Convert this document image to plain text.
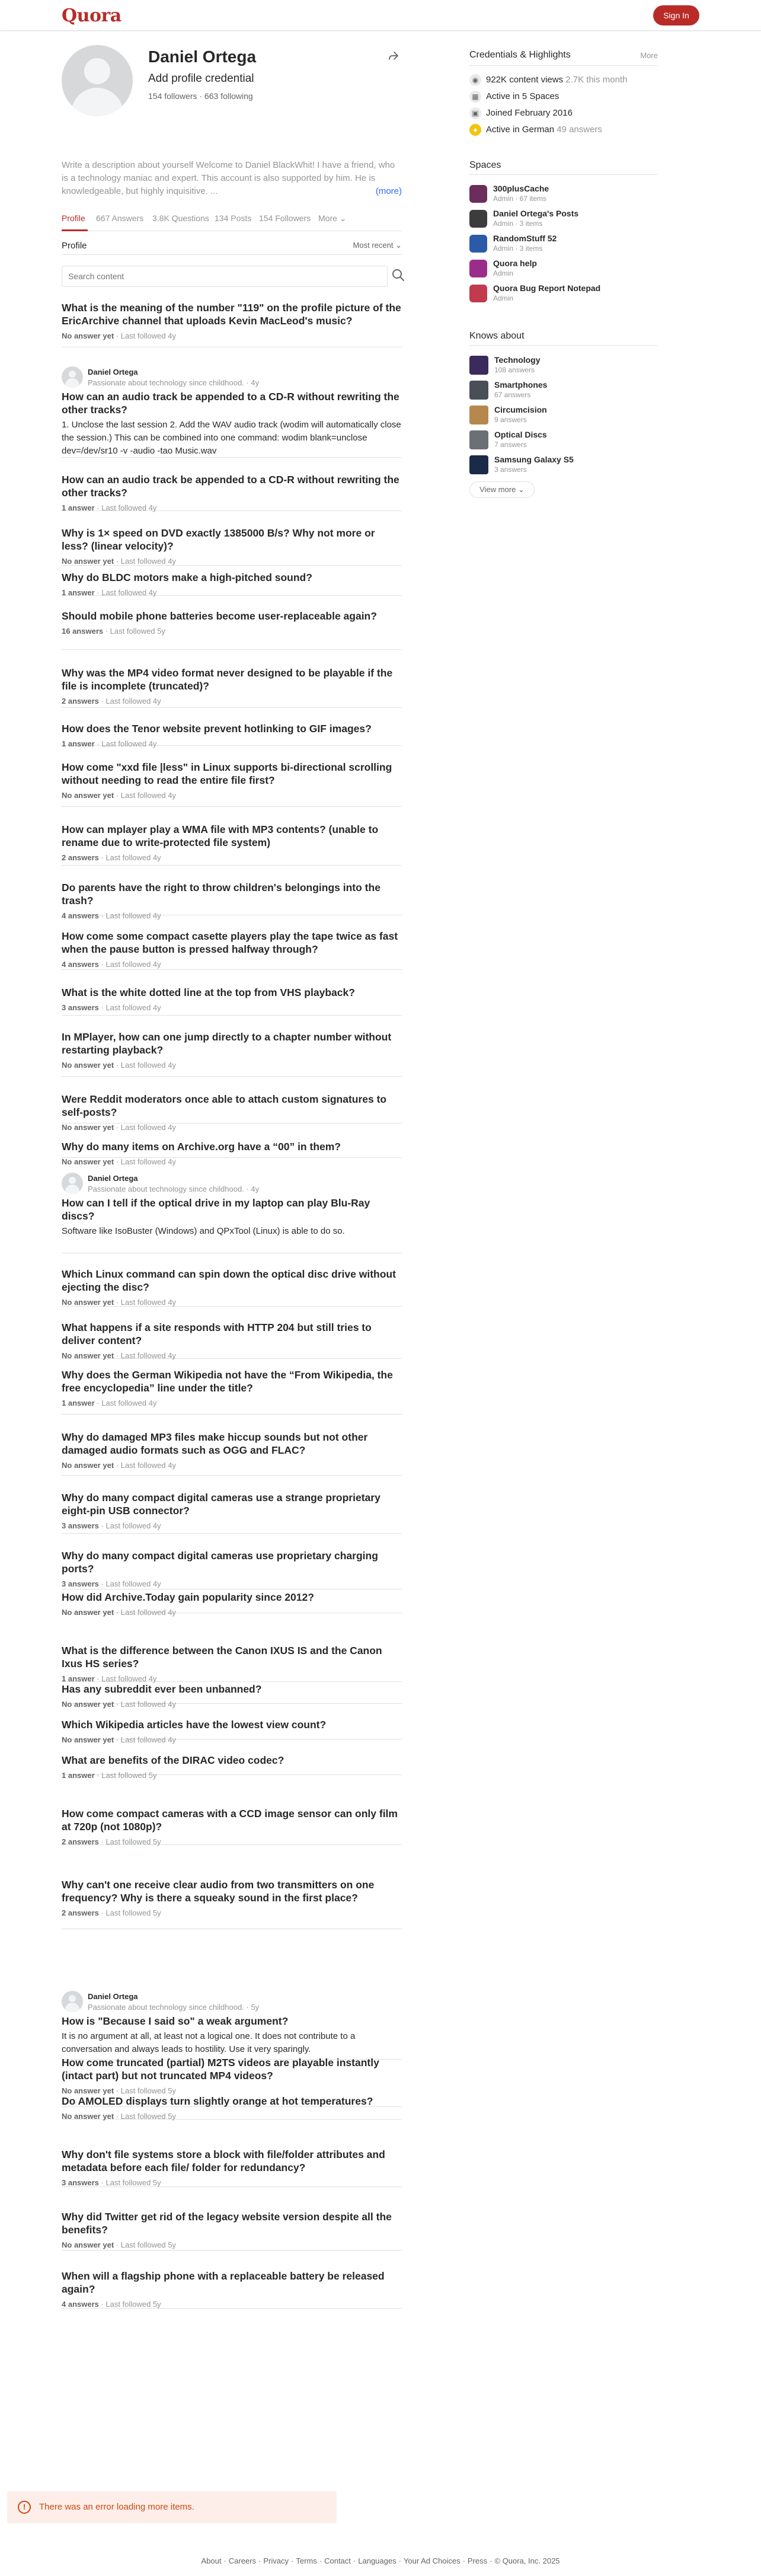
Quora	Sign In
Daniel Ortega
Add profile credential
154 followers · 663 following
Write a description about yourself Welcome to Daniel BlackWhit! I have a friend, who is a technology maniac and expert. This account is also supported by him. He is knowledgeable, but highly inquisitive. ...	(more)
Profile 667 Answers 3.8K Questions 134 Posts 154 Followers More ⌄
Profile	Most recent ⌄
Search content
What is the meaning of the number "119" on the profile picture of the EricArchive channel that uploads Kevin MacLeod's music?
No answer yet · Last followed 4y
Daniel Ortega
Passionate about technology since childhood. · 4y
How can an audio track be appended to a CD-R without rewriting the other tracks?
1. Unclose the last session 2. Add the WAV audio track (wodim will automatically close the session.) This can be combined into one command: wodim blank=unclose dev=/dev/sr10 -v -audio -tao Music.wav
How can an audio track be appended to a CD-R without rewriting the other tracks?
1 answer · Last followed 4y
Why is 1× speed on DVD exactly 1385000 B/s? Why not more or less? (linear velocity)?
No answer yet · Last followed 4y
Why do BLDC motors make a high-pitched sound?
1 answer · Last followed 4y
Should mobile phone batteries become user-replaceable again?
16 answers · Last followed 5y
Why was the MP4 video format never designed to be playable if the file is incomplete (truncated)?
2 answers · Last followed 4y
How does the Tenor website prevent hotlinking to GIF images?
1 answer · Last followed 4y
How come "xxd file |less" in Linux supports bi-directional scrolling without needing to read the entire file first?
No answer yet · Last followed 4y
How can mplayer play a WMA file with MP3 contents? (unable to rename due to write-protected file system)
2 answers · Last followed 4y
Do parents have the right to throw children's belongings into the trash?
4 answers · Last followed 4y
How come some compact casette players play the tape twice as fast when the pause button is pressed halfway through?
4 answers · Last followed 4y
What is the white dotted line at the top from VHS playback?
3 answers · Last followed 4y
In MPlayer, how can one jump directly to a chapter number without restarting playback?
No answer yet · Last followed 4y
Were Reddit moderators once able to attach custom signatures to self-posts?
No answer yet · Last followed 4y
Why do many items on Archive.org have a “00” in them?
No answer yet · Last followed 4y
Daniel Ortega
Passionate about technology since childhood. · 4y
How can I tell if the optical drive in my laptop can play Blu-Ray discs?
Software like IsoBuster (Windows) and QPxTool (Linux) is able to do so.
Which Linux command can spin down the optical disc drive without ejecting the disc?
No answer yet · Last followed 4y
What happens if a site responds with HTTP 204 but still tries to deliver content?
No answer yet · Last followed 4y
Why does the German Wikipedia not have the “From Wikipedia, the free encyclopedia” line under the title?
1 answer · Last followed 4y
Why do damaged MP3 files make hiccup sounds but not other damaged audio formats such as OGG and FLAC?
No answer yet · Last followed 4y
Why do many compact digital cameras use a strange proprietary eight-pin USB connector?
3 answers · Last followed 4y
Why do many compact digital cameras use proprietary charging ports?
3 answers · Last followed 4y
How did Archive.Today gain popularity since 2012?
No answer yet · Last followed 4y
What is the difference between the Canon IXUS IS and the Canon Ixus HS series?
1 answer · Last followed 4y
Has any subreddit ever been unbanned?
No answer yet · Last followed 4y
Which Wikipedia articles have the lowest view count?
No answer yet · Last followed 4y
What are benefits of the DIRAC video codec?
1 answer · Last followed 5y
How come compact cameras with a CCD image sensor can only film at 720p (not 1080p)?
2 answers · Last followed 5y
Why can't one receive clear audio from two transmitters on one frequency? Why is there a squeaky sound in the first place?
2 answers · Last followed 5y
Daniel Ortega
Passionate about technology since childhood. · 5y
How is "Because I said so" a weak argument?
It is no argument at all, at least not a logical one. It does not contribute to a conversation and always leads to hostility. Use it very sparingly.
How come truncated (partial) M2TS videos are playable instantly (intact part) but not truncated MP4 videos?
No answer yet · Last followed 5y
Do AMOLED displays turn slightly orange at hot temperatures?
No answer yet · Last followed 5y
Why don't file systems store a block with file/folder attributes and metadata before each file/ folder for redundancy?
3 answers · Last followed 5y
Why did Twitter get rid of the legacy website version despite all the benefits?
No answer yet · Last followed 5y
When will a flagship phone with a replaceable battery be released again?
4 answers · Last followed 5y
!	There was an error loading more items.
Credentials & Highlights	More
◉ 922K content views 2.7K this month
▦ Active in 5 Spaces
▣ Joined February 2016
● Active in German 49 answers
Spaces
300plusCache
Admin · 67 items
Daniel Ortega's Posts
Admin · 3 items
RandomStuff 52
Admin · 3 items
Quora help
Admin
Quora Bug Report Notepad
Admin
Knows about
Technology
108 answers
Smartphones
67 answers
Circumcision
9 answers
Optical Discs
7 answers
Samsung Galaxy S5
3 answers
View more ⌄
About · Careers · Privacy · Terms · Contact · Languages · Your Ad Choices · Press · © Quora, Inc. 2025
